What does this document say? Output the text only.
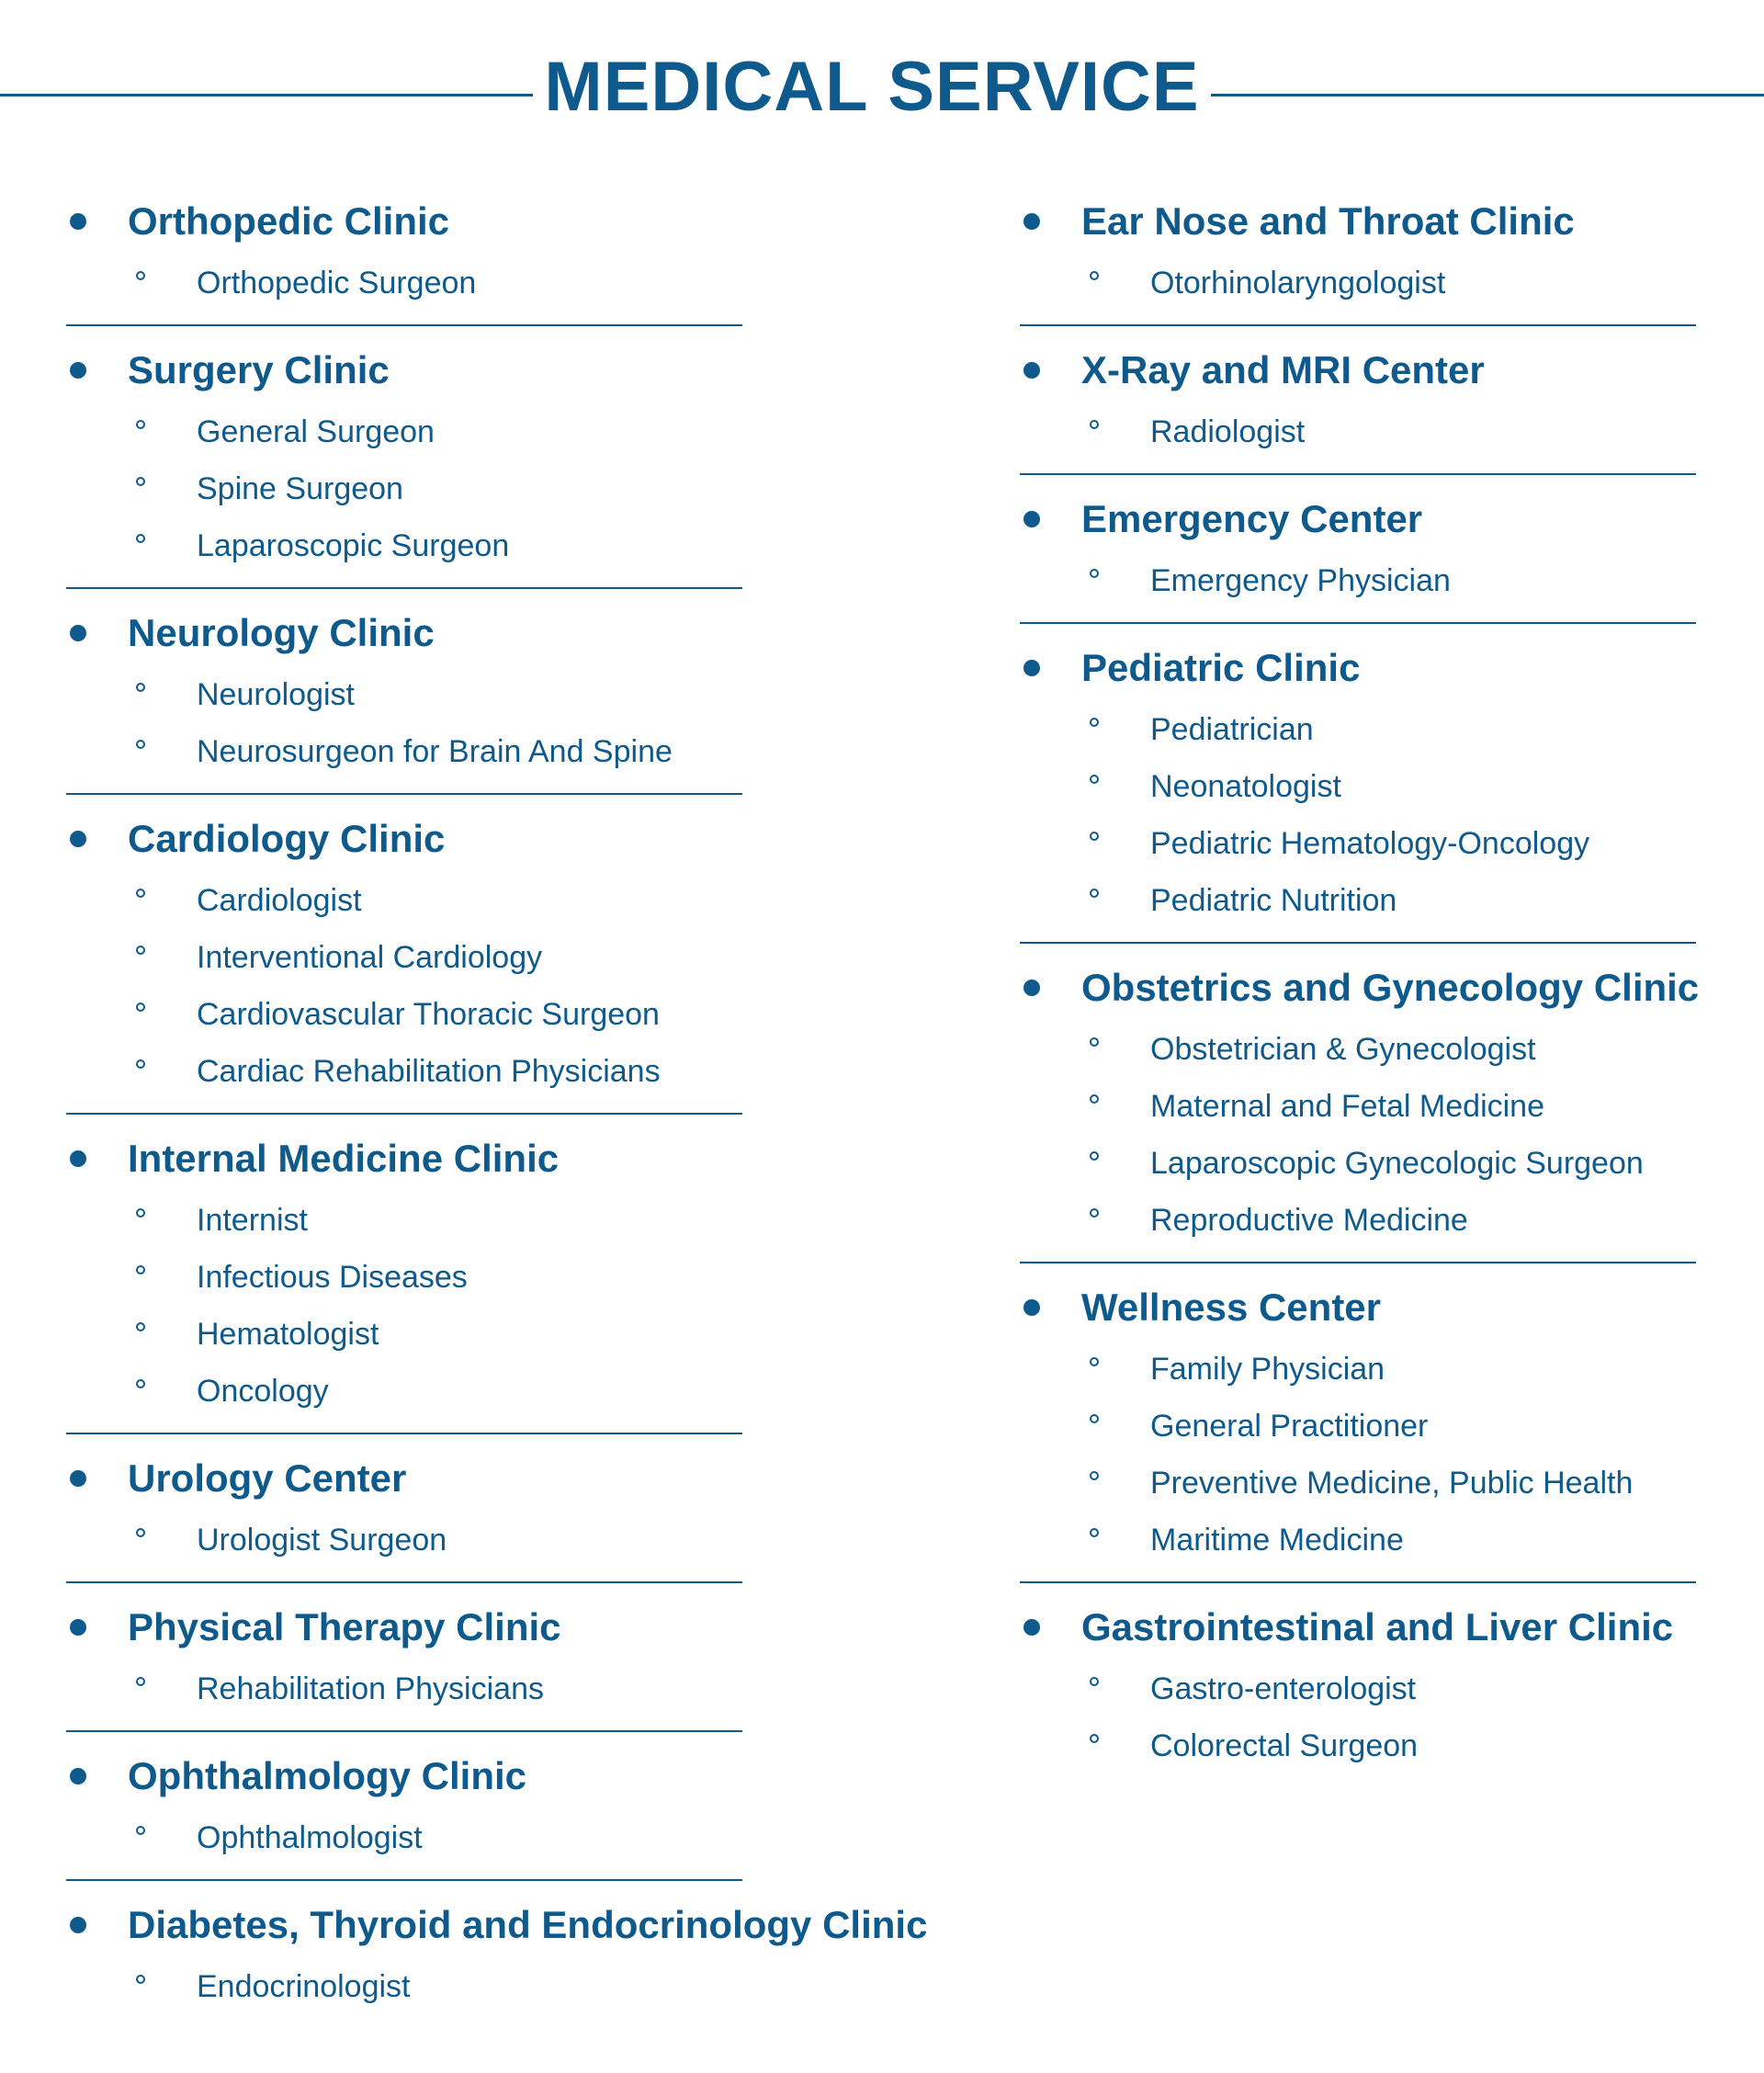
MEDICAL SERVICE
Orthopedic Clinic
Orthopedic Surgeon
Surgery Clinic
General Surgeon
Spine Surgeon
Laparoscopic Surgeon
Neurology Clinic
Neurologist
Neurosurgeon for Brain And Spine
Cardiology Clinic
Cardiologist
Interventional Cardiology
Cardiovascular Thoracic Surgeon
Cardiac Rehabilitation Physicians
Internal Medicine Clinic
Internist
Infectious Diseases
Hematologist
Oncology
Urology Center
Urologist Surgeon
Physical Therapy Clinic
Rehabilitation Physicians
Ophthalmology Clinic
Ophthalmologist
Diabetes, Thyroid and Endocrinology Clinic
Endocrinologist
Ear Nose and Throat Clinic
Otorhinolaryngologist
X-Ray and MRI Center
Radiologist
Emergency Center
Emergency Physician
Pediatric Clinic
Pediatrician
Neonatologist
Pediatric Hematology-Oncology
Pediatric Nutrition
Obstetrics and Gynecology Clinic
Obstetrician & Gynecologist
Maternal and Fetal Medicine
Laparoscopic Gynecologic Surgeon
Reproductive Medicine
Wellness Center
Family Physician
General Practitioner
Preventive Medicine, Public Health
Maritime Medicine
Gastrointestinal and Liver Clinic
Gastro-enterologist
Colorectal Surgeon
